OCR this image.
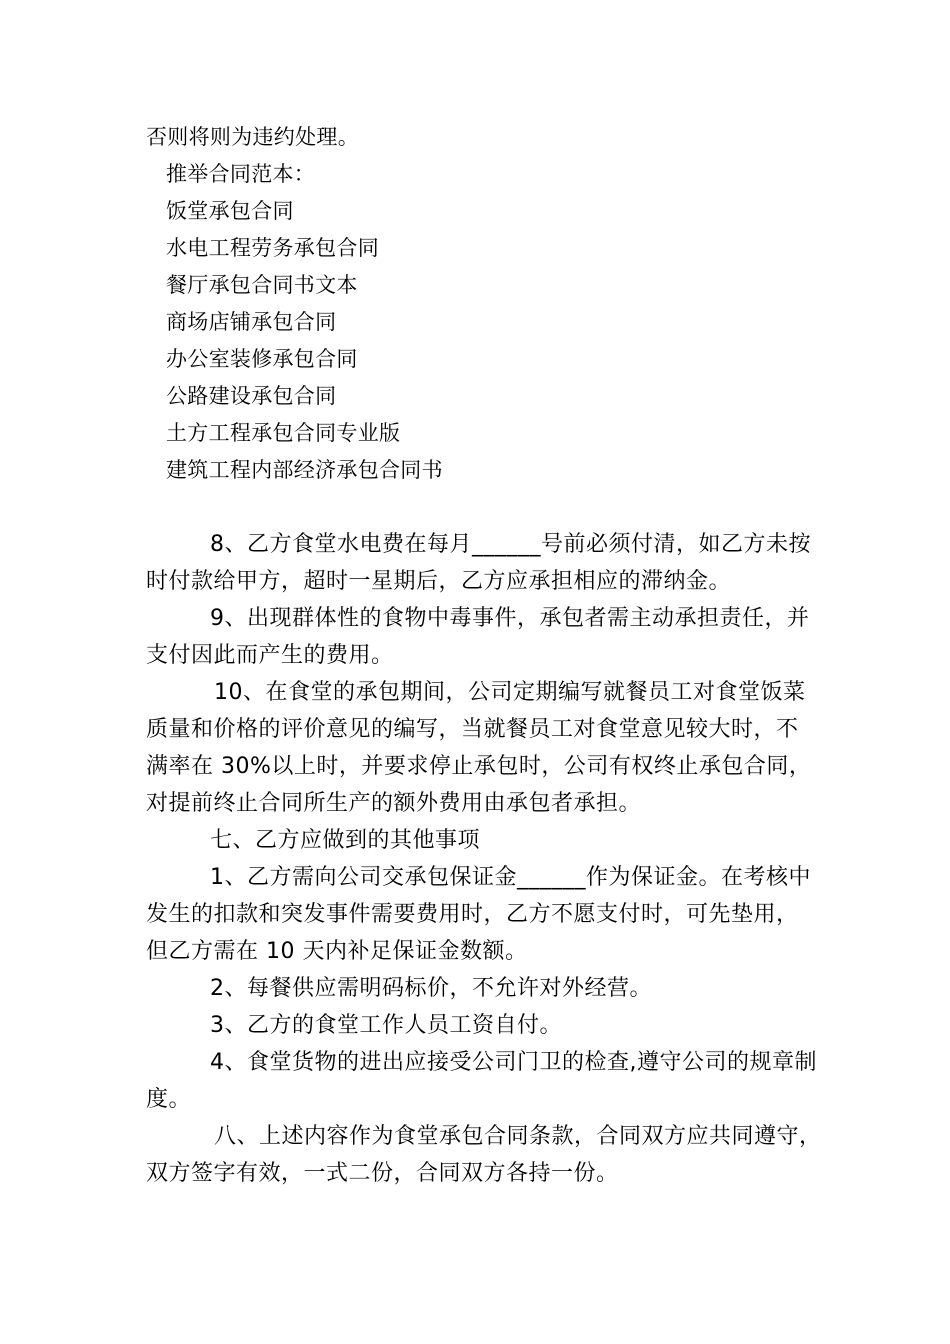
否则将则为违约处理。
推举合同范本：
饭堂承包合同
水电工程劳务承包合同
餐厅承包合同书文本
商场店铺承包合同
办公室装修承包合同
公路建设承包合同
土方工程承包合同专业版
建筑工程内部经济承包合同书
8、乙方食堂水电费在每月______号前必须付清，如乙方未按
时付款给甲方，超时一星期后，乙方应承担相应的滞纳金。
9、出现群体性的食物中毒事件，承包者需主动承担责任，并
支付因此而产生的费用。
10、在食堂的承包期间，公司定期编写就餐员工对食堂饭菜
质量和价格的评价意见的编写，当就餐员工对食堂意见较大时，不
满率在 30%以上时，并要求停止承包时，公司有权终止承包合同，
对提前终止合同所生产的额外费用由承包者承担。
七、乙方应做到的其他事项
1、乙方需向公司交承包保证金______作为保证金。在考核中
发生的扣款和突发事件需要费用时，乙方不愿支付时，可先垫用，
但乙方需在 10 天内补足保证金数额。
2、每餐供应需明码标价，不允许对外经营。
3、乙方的食堂工作人员工资自付。
4、食堂货物的进出应接受公司门卫的检查,遵守公司的规章制
度。
八、上述内容作为食堂承包合同条款，合同双方应共同遵守，
双方签字有效，一式二份，合同双方各持一份。
